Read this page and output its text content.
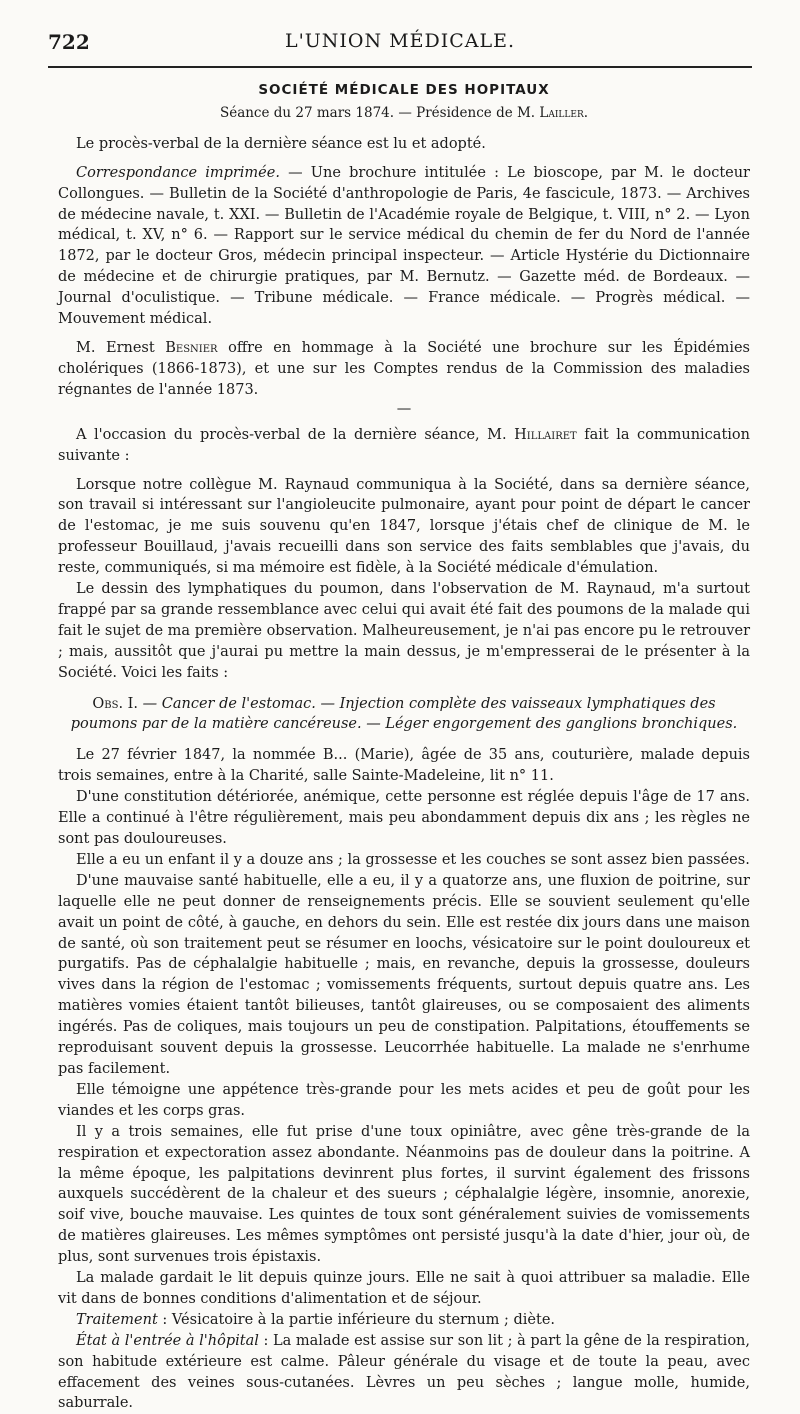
722	L'UNION MÉDICALE.
SOCIÉTÉ MÉDICALE DES HOPITAUX
Séance du 27 mars 1874. — Présidence de M. Lailler.

Le procès-verbal de la dernière séance est lu et adopté.

Correspondance imprimée. — Une brochure intitulée : Le bioscope, par M. le docteur Collongues. — Bulletin de la Société d'anthropologie de Paris, 4e fascicule, 1873. — Archives de médecine navale, t. XXI. — Bulletin de l'Académie royale de Belgique, t. VIII, n° 2. — Lyon médical, t. XV, n° 6. — Rapport sur le service médical du chemin de fer du Nord de l'année 1872, par le docteur Gros, médecin principal inspecteur. — Article Hystérie du Dictionnaire de médecine et de chirurgie pratiques, par M. Bernutz. — Gazette méd. de Bordeaux. — Journal d'oculistique. — Tribune médicale. — France médicale. — Progrès médical. — Mouvement médical.

M. Ernest Besnier offre en hommage à la Société une brochure sur les Épidémies cholériques (1866-1873), et une sur les Comptes rendus de la Commission des maladies régnantes de l'année 1873.

—

A l'occasion du procès-verbal de la dernière séance, M. Hillairet fait la communication suivante :

Lorsque notre collègue M. Raynaud communiqua à la Société, dans sa dernière séance, son travail si intéressant sur l'angioleucite pulmonaire, ayant pour point de départ le cancer de l'estomac, je me suis souvenu qu'en 1847, lorsque j'étais chef de clinique de M. le professeur Bouillaud, j'avais recueilli dans son service des faits semblables que j'avais, du reste, communiqués, si ma mémoire est fidèle, à la Société médicale d'émulation.

Le dessin des lymphatiques du poumon, dans l'observation de M. Raynaud, m'a surtout frappé par sa grande ressemblance avec celui qui avait été fait des poumons de la malade qui fait le sujet de ma première observation. Malheureusement, je n'ai pas encore pu le retrouver ; mais, aussitôt que j'aurai pu mettre la main dessus, je m'empresserai de le présenter à la Société. Voici les faits :

Obs. I. — Cancer de l'estomac. — Injection complète des vaisseaux lymphatiques des poumons par de la matière cancéreuse. — Léger engorgement des ganglions bronchiques.

Le 27 février 1847, la nommée B... (Marie), âgée de 35 ans, couturière, malade depuis trois semaines, entre à la Charité, salle Sainte-Madeleine, lit n° 11.

D'une constitution détériorée, anémique, cette personne est réglée depuis l'âge de 17 ans. Elle a continué à l'être régulièrement, mais peu abondamment depuis dix ans ; les règles ne sont pas douloureuses.

Elle a eu un enfant il y a douze ans ; la grossesse et les couches se sont assez bien passées.

D'une mauvaise santé habituelle, elle a eu, il y a quatorze ans, une fluxion de poitrine, sur laquelle elle ne peut donner de renseignements précis. Elle se souvient seulement qu'elle avait un point de côté, à gauche, en dehors du sein. Elle est restée dix jours dans une maison de santé, où son traitement peut se résumer en loochs, vésicatoire sur le point douloureux et purgatifs. Pas de céphalalgie habituelle ; mais, en revanche, depuis la grossesse, douleurs vives dans la région de l'estomac ; vomissements fréquents, surtout depuis quatre ans. Les matières vomies étaient tantôt bilieuses, tantôt glaireuses, ou se composaient des aliments ingérés. Pas de coliques, mais toujours un peu de constipation. Palpitations, étouffements se reproduisant souvent depuis la grossesse. Leucorrhée habituelle. La malade ne s'enrhume pas facilement.

Elle témoigne une appétence très-grande pour les mets acides et peu de goût pour les viandes et les corps gras.

Il y a trois semaines, elle fut prise d'une toux opiniâtre, avec gêne très-grande de la respiration et expectoration assez abondante. Néanmoins pas de douleur dans la poitrine. A la même époque, les palpitations devinrent plus fortes, il survint également des frissons auxquels succédèrent de la chaleur et des sueurs ; céphalalgie légère, insomnie, anorexie, soif vive, bouche mauvaise. Les quintes de toux sont généralement suivies de vomissements de matières glaireuses. Les mêmes symptômes ont persisté jusqu'à la date d'hier, jour où, de plus, sont survenues trois épistaxis.

La malade gardait le lit depuis quinze jours. Elle ne sait à quoi attribuer sa maladie. Elle vit dans de bonnes conditions d'alimentation et de séjour.

Traitement : Vésicatoire à la partie inférieure du sternum ; diète.

État à l'entrée à l'hôpital : La malade est assise sur son lit ; à part la gêne de la respiration, son habitude extérieure est calme. Pâleur générale du visage et de toute la peau, avec effacement des veines sous-cutanées. Lèvres un peu sèches ; langue molle, humide, saburrale.
